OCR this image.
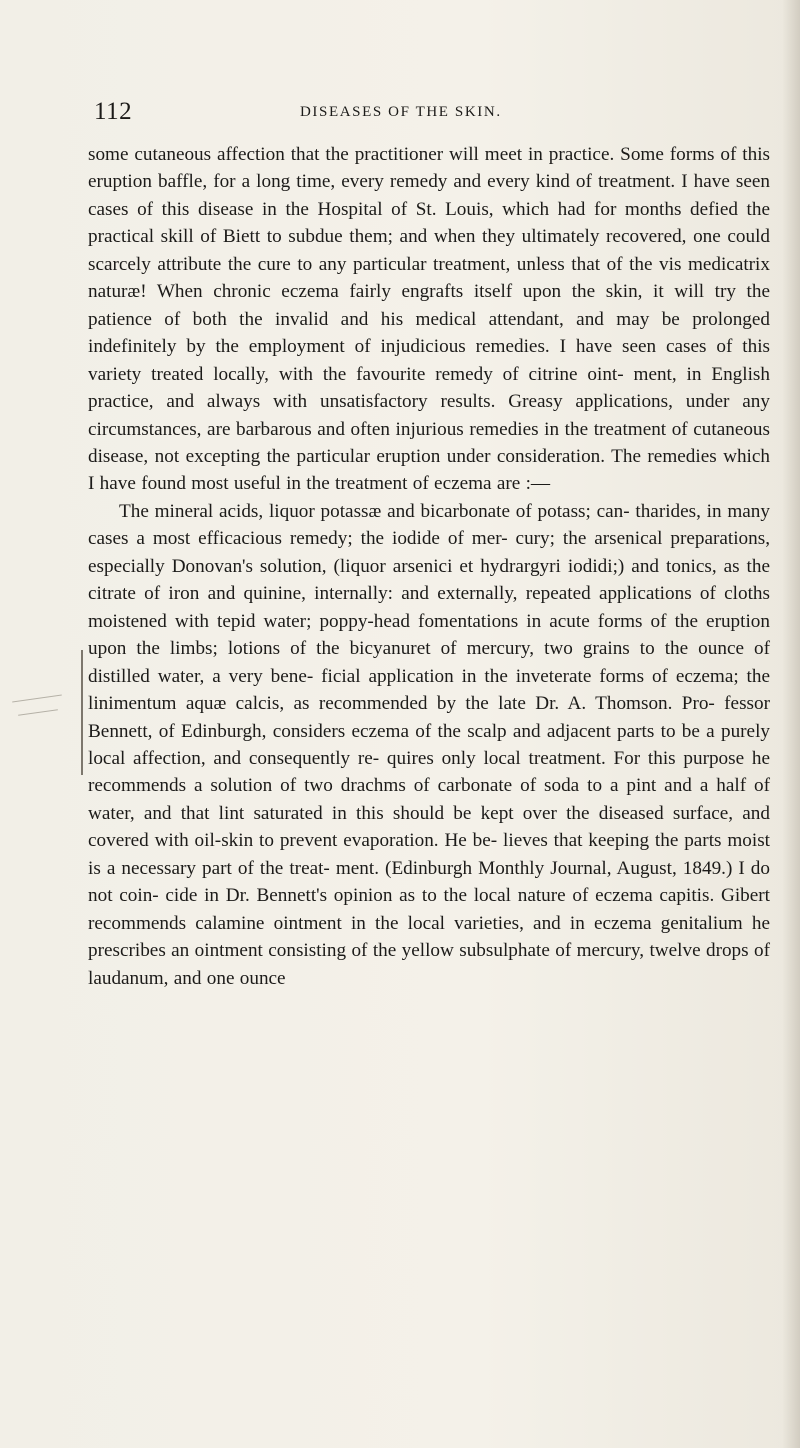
112	DISEASES OF THE SKIN.

some cutaneous affection that the practitioner will meet in practice. Some forms of this eruption baffle, for a long time, every remedy and every kind of treatment. I have seen cases of this disease in the Hospital of St. Louis, which had for months defied the practical skill of Biett to subdue them; and when they ultimately recovered, one could scarcely attribute the cure to any particular treatment, unless that of the vis medicatrix naturæ! When chronic eczema fairly engrafts itself upon the skin, it will try the patience of both the invalid and his medical attendant, and may be prolonged indefinitely by the employment of injudicious remedies. I have seen cases of this variety treated locally, with the favourite remedy of citrine oint- ment, in English practice, and always with unsatisfactory results. Greasy applications, under any circumstances, are barbarous and often injurious remedies in the treatment of cutaneous disease, not excepting the particular eruption under consideration. The remedies which I have found most useful in the treatment of eczema are :—

The mineral acids, liquor potassæ and bicarbonate of potass; can- tharides, in many cases a most efficacious remedy; the iodide of mer- cury; the arsenical preparations, especially Donovan's solution, (liquor arsenici et hydrargyri iodidi;) and tonics, as the citrate of iron and quinine, internally: and externally, repeated applications of cloths moistened with tepid water; poppy-head fomentations in acute forms of the eruption upon the limbs; lotions of the bicyanuret of mercury, two grains to the ounce of distilled water, a very bene- ficial application in the inveterate forms of eczema; the linimentum aquæ calcis, as recommended by the late Dr. A. Thomson. Pro- fessor Bennett, of Edinburgh, considers eczema of the scalp and adjacent parts to be a purely local affection, and consequently re- quires only local treatment. For this purpose he recommends a solution of two drachms of carbonate of soda to a pint and a half of water, and that lint saturated in this should be kept over the diseased surface, and covered with oil-skin to prevent evaporation. He be- lieves that keeping the parts moist is a necessary part of the treat- ment. (Edinburgh Monthly Journal, August, 1849.) I do not coin- cide in Dr. Bennett's opinion as to the local nature of eczema capitis. Gibert recommends calamine ointment in the local varieties, and in eczema genitalium he prescribes an ointment consisting of the yellow subsulphate of mercury, twelve drops of laudanum, and one ounce
